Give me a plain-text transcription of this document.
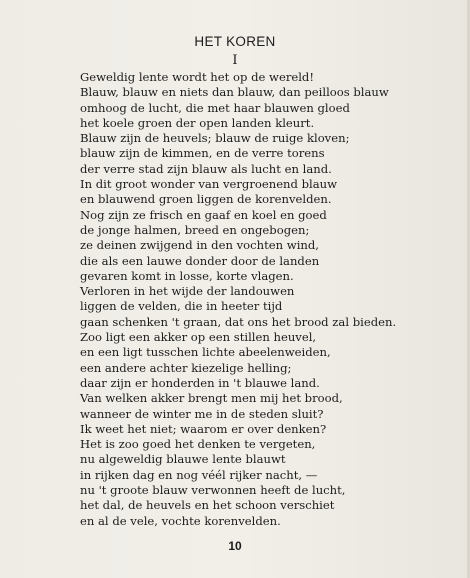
HET KOREN
I
Geweldig lente wordt het op de wereld!
Blauw, blauw en niets dan blauw, dan peilloos blauw
omhoog de lucht, die met haar blauwen gloed
het koele groen der open landen kleurt.
Blauw zijn de heuvels; blauw de ruige kloven;
blauw zijn de kimmen, en de verre torens
der verre stad zijn blauw als lucht en land.
In dit groot wonder van vergroenend blauw
en blauwend groen liggen de korenvelden.
Nog zijn ze frisch en gaaf en koel en goed
de jonge halmen, breed en ongebogen;
ze deinen zwijgend in den vochten wind,
die als een lauwe donder door de landen
gevaren komt in losse, korte vlagen.
Verloren in het wijde der landouwen
liggen de velden, die in heeter tijd
gaan schenken 't graan, dat ons het brood zal bieden.
Zoo ligt een akker op een stillen heuvel,
en een ligt tusschen lichte abeelenweiden,
een andere achter kiezelige helling;
daar zijn er honderden in 't blauwe land.
Van welken akker brengt men mij het brood,
wanneer de winter me in de steden sluit?
Ik weet het niet; waarom er over denken?
Het is zoo goed het denken te vergeten,
nu algeweldig blauwe lente blauwt
in rijken dag en nog véél rijker nacht, —
nu 't groote blauw verwonnen heeft de lucht,
het dal, de heuvels en het schoon verschiet
en al de vele, vochte korenvelden.
10
